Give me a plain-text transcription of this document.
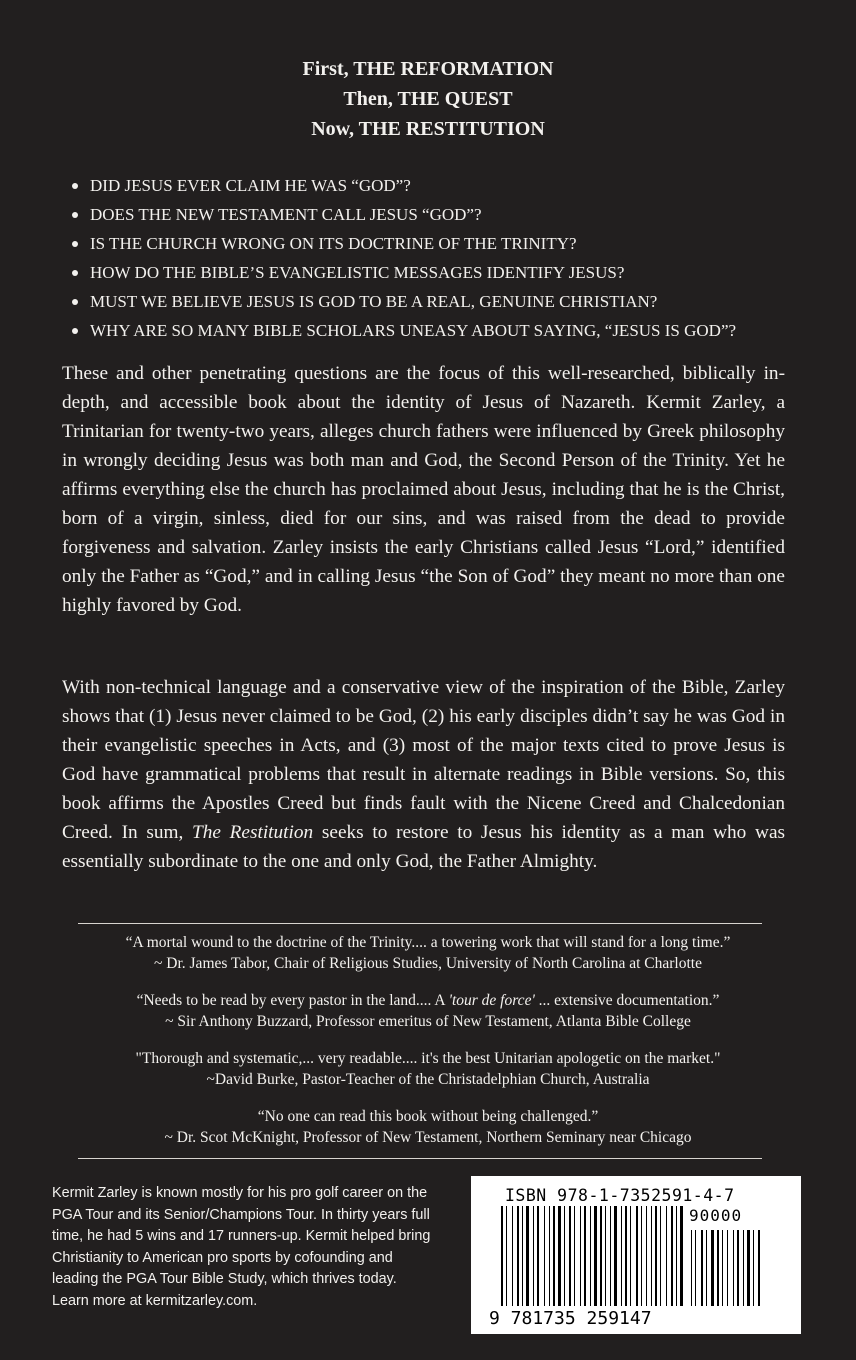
First, THE REFORMATION
Then, THE QUEST
Now, THE RESTITUTION
DID JESUS EVER CLAIM HE WAS “GOD”?
DOES THE NEW TESTAMENT CALL JESUS “GOD”?
IS THE CHURCH WRONG ON ITS DOCTRINE OF THE TRINITY?
HOW DO THE BIBLE’S EVANGELISTIC MESSAGES IDENTIFY JESUS?
MUST WE BELIEVE JESUS IS GOD TO BE A REAL, GENUINE CHRISTIAN?
WHY ARE SO MANY BIBLE SCHOLARS UNEASY ABOUT SAYING, “JESUS IS GOD”?

These and other penetrating questions are the focus of this well-researched, biblically in-depth, and accessible book about the identity of Jesus of Nazareth. Kermit Zarley, a Trinitarian for twenty-two years, alleges church fathers were influenced by Greek philosophy in wrongly deciding Jesus was both man and God, the Second Person of the Trinity. Yet he affirms everything else the church has proclaimed about Jesus, including that he is the Christ, born of a virgin, sinless, died for our sins, and was raised from the dead to provide forgiveness and salvation. Zarley insists the early Christians called Jesus “Lord,” identified only the Father as “God,” and in calling Jesus “the Son of God” they meant no more than one highly favored by God.

With non-technical language and a conservative view of the inspiration of the Bible, Zarley shows that (1) Jesus never claimed to be God, (2) his early disciples didn’t say he was God in their evangelistic speeches in Acts, and (3) most of the major texts cited to prove Jesus is God have grammatical problems that result in alternate readings in Bible versions. So, this book affirms the Apostles Creed but finds fault with the Nicene Creed and Chalcedonian Creed. In sum, The Restitution seeks to restore to Jesus his identity as a man who was essentially subordinate to the one and only God, the Father Almighty.

“A mortal wound to the doctrine of the Trinity.... a towering work that will stand for a long time.”
~ Dr. James Tabor, Chair of Religious Studies, University of North Carolina at Charlotte
“Needs to be read by every pastor in the land.... A 'tour de force' ... extensive documentation.”
~ Sir Anthony Buzzard, Professor emeritus of New Testament, Atlanta Bible College
"Thorough and systematic,... very readable.... it's the best Unitarian apologetic on the market."
~David Burke, Pastor-Teacher of the Christadelphian Church, Australia
“No one can read this book without being challenged.”
~ Dr. Scot McKnight, Professor of New Testament, Northern Seminary near Chicago

Kermit Zarley is known mostly for his pro golf career on the PGA Tour and its Senior/Champions Tour. In thirty years full time, he had 5 wins and 17 runners-up. Kermit helped bring Christianity to American pro sports by cofounding and leading the PGA Tour Bible Study, which thrives today. Learn more at kermitzarley.com.

ISBN 978-1-7352591-4-7
90000
9 781735 259147
